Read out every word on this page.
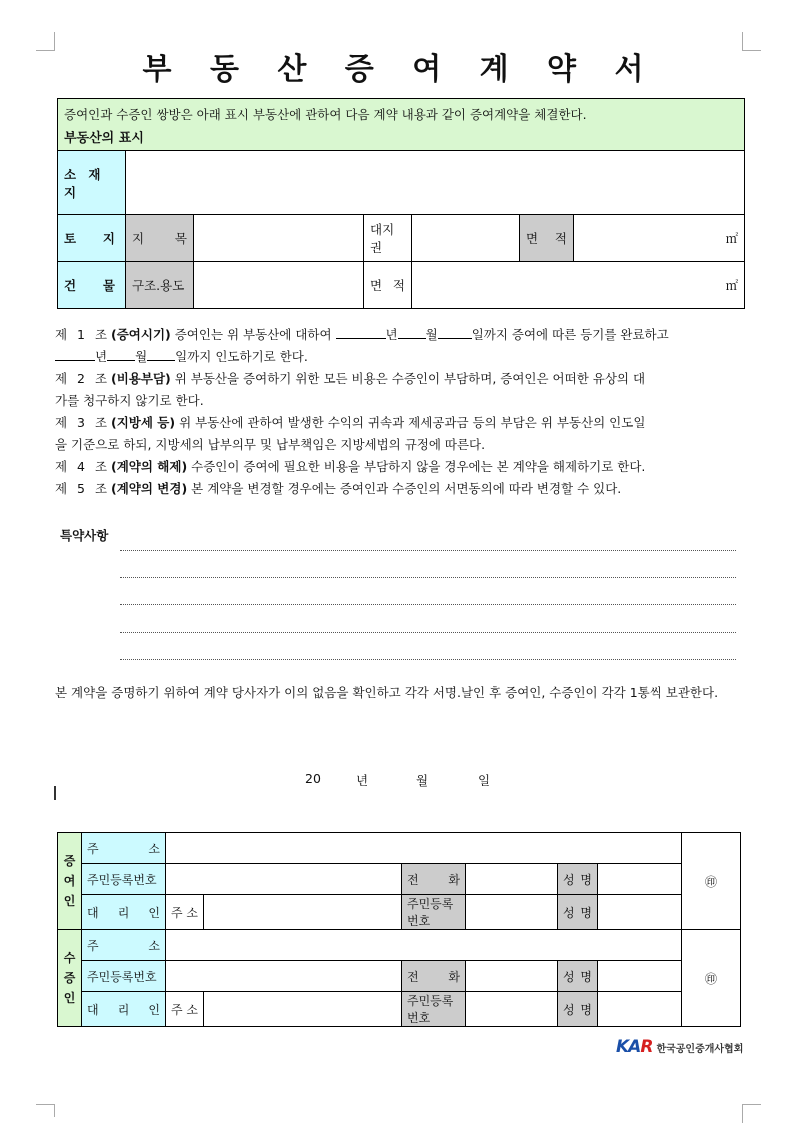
부 동 산 증 여 계 약 서
증여인과 수증인 쌍방은 아래 표시 부동산에 관하여 다음 계약 내용과 같이 증여계약을 체결한다.
부동산의 표시						

소 재 지						
토 지	지 목		대지권		면 적	㎡
건 물	구조.용도		면 적	㎡		
제 1 조 (증여시기) 증여인는 위 부동산에 대하여	년 월	일까지 증여에 따른 등기를 완료하고
년 월 일까지 인도하기로 한다.
제 2 조 (비용부담) 위 부동산을 증여하기 위한 모든 비용은 수증인이 부담하며, 증여인은 어떠한 유상의 대
가를 청구하지 않기로 한다.
제 3 조 (지방세 등) 위 부동산에 관하여 발생한 수익의 귀속과 제세공과금 등의 부담은 위 부동산의 인도일
을 기준으로 하되, 지방세의 납부의무 및 납부책임은 지방세법의 규정에 따른다.
제 4 조 (계약의 해제) 수증인이 증여에 필요한 비용을 부담하지 않을 경우에는 본 계약을 해제하기로 한다.
제 5 조 (계약의 변경) 본 계약을 변경할 경우에는 증여인과 수증인의 서면동의에 따라 변경할 수 있다.
특약사항
본 계약을 증명하기 위하여 계약 당사자가 이의 없음을 확인하고 각각 서명.날인 후 증여인, 수증인이 각각 1통씩 보관한다.
20	년	월	일
증
여
인	주 소							㊞
	주민등록번호			전 화		성 명		
	대 리 인	주 소		주민등록번호		성 명		
수
증
인	주 소							㊞
	주민등록번호			전 화		성 명		
	대 리 인	주 소		주민등록번호		성 명		
KAR 한국공인중개사협회
